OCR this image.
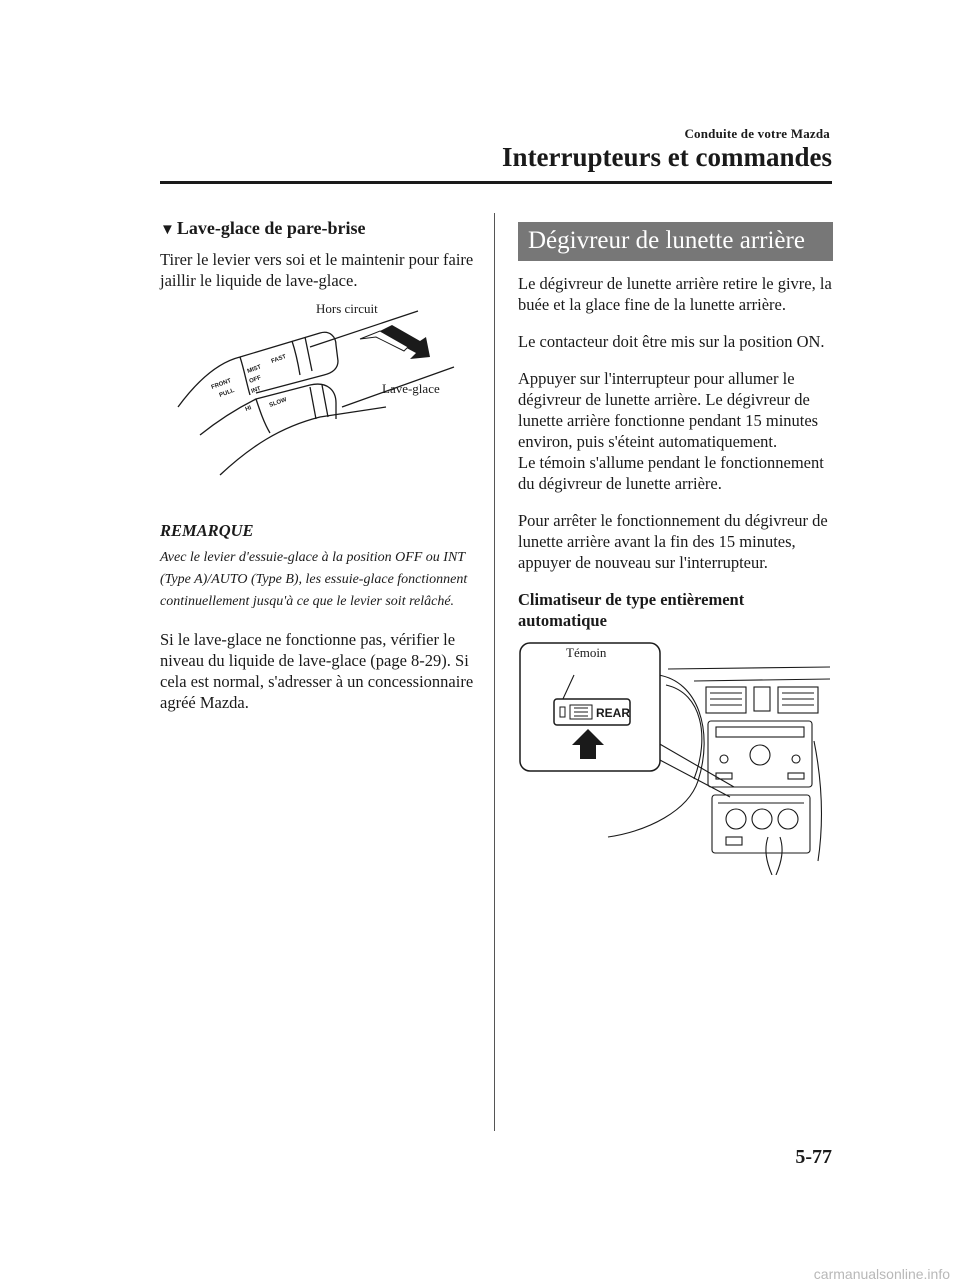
Conduite de votre Mazda
Interrupteurs et commandes
▼ Lave-glace de pare-brise

Tirer le levier vers soi et le maintenir pour faire jaillir le liquide de lave-glace.

FRONT
PULL
MIST
OFF
INT
FAST
HI
SLOW
Hors circuit
Lave-glace
REMARQUE

Avec le levier d'essuie-glace à la position OFF ou INT (Type A)/AUTO (Type B), les essuie-glace fonctionnent continuellement jusqu'à ce que le levier soit relâché.

Si le lave-glace ne fonctionne pas, vérifier le niveau du liquide de lave-glace (page 8-29). Si cela est normal, s'adresser à un concessionnaire agréé Mazda.

Dégivreur de lunette arrière

Le dégivreur de lunette arrière retire le givre, la buée et la glace fine de la lunette arrière.

Le contacteur doit être mis sur la position ON.

Appuyer sur l'interrupteur pour allumer le dégivreur de lunette arrière. Le dégivreur de lunette arrière fonctionne pendant 15 minutes environ, puis s'éteint automatiquement.

Le témoin s'allume pendant le fonctionnement du dégivreur de lunette arrière.

Pour arrêter le fonctionnement du dégivreur de lunette arrière avant la fin des 15 minutes, appuyer de nouveau sur l'interrupteur.

Climatiseur de type entièrement automatique
REAR
Témoin
5-77
carmanualsonline.info
